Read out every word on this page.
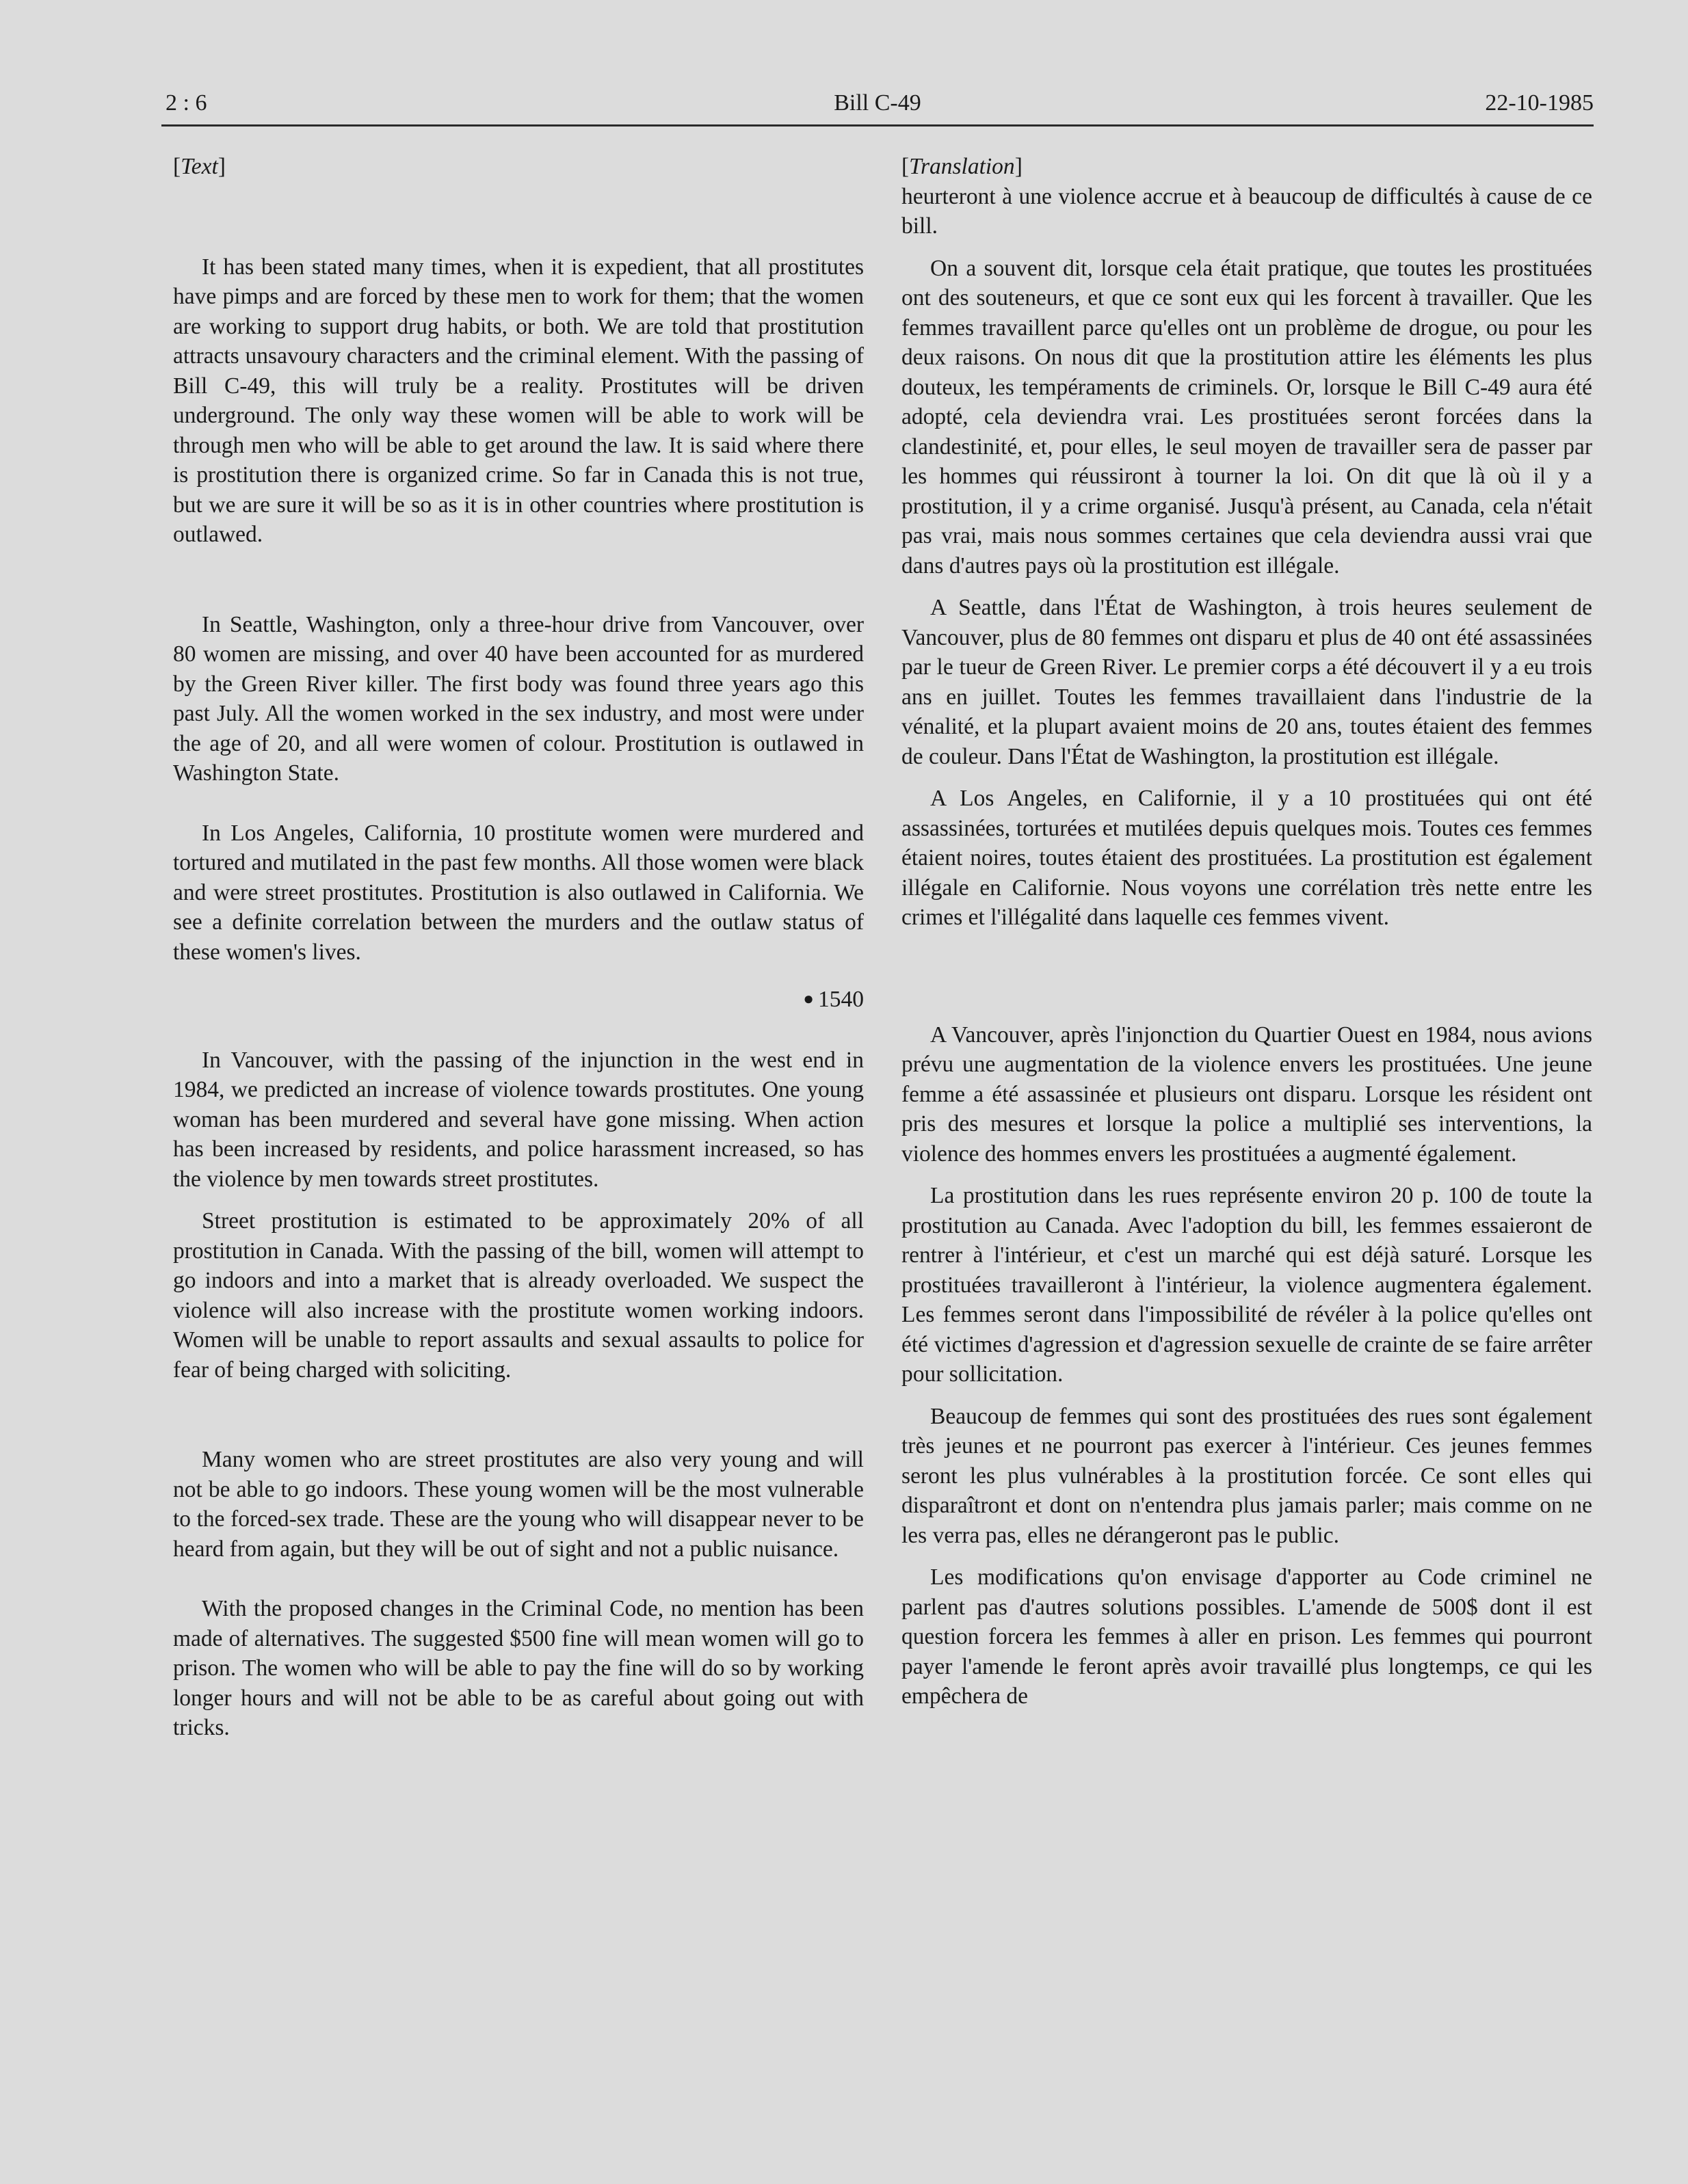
Bill C-49
2 : 6	22-10-1985

[Text]

It has been stated many times, when it is expedient, that all prostitutes have pimps and are forced by these men to work for them; that the women are working to support drug habits, or both. We are told that prostitution attracts unsavoury characters and the criminal element. With the passing of Bill C-49, this will truly be a reality. Prostitutes will be driven underground. The only way these women will be able to work will be through men who will be able to get around the law. It is said where there is prostitution there is organized crime. So far in Canada this is not true, but we are sure it will be so as it is in other countries where prostitution is outlawed.

In Seattle, Washington, only a three-hour drive from Vancouver, over 80 women are missing, and over 40 have been accounted for as murdered by the Green River killer. The first body was found three years ago this past July. All the women worked in the sex industry, and most were under the age of 20, and all were women of colour. Prostitution is outlawed in Washington State.

In Los Angeles, California, 10 prostitute women were murdered and tortured and mutilated in the past few months. All those women were black and were street prostitutes. Prostitution is also outlawed in California. We see a definite correlation between the murders and the outlaw status of these women's lives.

● 1540

In Vancouver, with the passing of the injunction in the west end in 1984, we predicted an increase of violence towards prostitutes. One young woman has been murdered and several have gone missing. When action has been increased by residents, and police harassment increased, so has the violence by men towards street prostitutes.

Street prostitution is estimated to be approximately 20% of all prostitution in Canada. With the passing of the bill, women will attempt to go indoors and into a market that is already overloaded. We suspect the violence will also increase with the prostitute women working indoors. Women will be unable to report assaults and sexual assaults to police for fear of being charged with soliciting.

Many women who are street prostitutes are also very young and will not be able to go indoors. These young women will be the most vulnerable to the forced-sex trade. These are the young who will disappear never to be heard from again, but they will be out of sight and not a public nuisance.

With the proposed changes in the Criminal Code, no mention has been made of alternatives. The suggested $500 fine will mean women will go to prison. The women who will be able to pay the fine will do so by working longer hours and will not be able to be as careful about going out with tricks.

[Translation]

heurteront à une violence accrue et à beaucoup de difficultés à cause de ce bill.

On a souvent dit, lorsque cela était pratique, que toutes les prostituées ont des souteneurs, et que ce sont eux qui les forcent à travailler. Que les femmes travaillent parce qu'elles ont un problème de drogue, ou pour les deux raisons. On nous dit que la prostitution attire les éléments les plus douteux, les tempéraments de criminels. Or, lorsque le Bill C-49 aura été adopté, cela deviendra vrai. Les prostituées seront forcées dans la clandestinité, et, pour elles, le seul moyen de travailler sera de passer par les hommes qui réussiront à tourner la loi. On dit que là où il y a prostitution, il y a crime organisé. Jusqu'à présent, au Canada, cela n'était pas vrai, mais nous sommes certaines que cela deviendra aussi vrai que dans d'autres pays où la prostitution est illégale.

A Seattle, dans l'État de Washington, à trois heures seulement de Vancouver, plus de 80 femmes ont disparu et plus de 40 ont été assassinées par le tueur de Green River. Le premier corps a été découvert il y a eu trois ans en juillet. Toutes les femmes travaillaient dans l'industrie de la vénalité, et la plupart avaient moins de 20 ans, toutes étaient des femmes de couleur. Dans l'État de Washington, la prostitution est illégale.

A Los Angeles, en Californie, il y a 10 prostituées qui ont été assassinées, torturées et mutilées depuis quelques mois. Toutes ces femmes étaient noires, toutes étaient des prostituées. La prostitution est également illégale en Californie. Nous voyons une corrélation très nette entre les crimes et l'illégalité dans laquelle ces femmes vivent.

A Vancouver, après l'injonction du Quartier Ouest en 1984, nous avions prévu une augmentation de la violence envers les prostituées. Une jeune femme a été assassinée et plusieurs ont disparu. Lorsque les résident ont pris des mesures et lorsque la police a multiplié ses interventions, la violence des hommes envers les prostituées a augmenté également.

La prostitution dans les rues représente environ 20 p. 100 de toute la prostitution au Canada. Avec l'adoption du bill, les femmes essaieront de rentrer à l'intérieur, et c'est un marché qui est déjà saturé. Lorsque les prostituées travailleront à l'intérieur, la violence augmentera également. Les femmes seront dans l'impossibilité de révéler à la police qu'elles ont été victimes d'agression et d'agression sexuelle de crainte de se faire arrêter pour sollicitation.

Beaucoup de femmes qui sont des prostituées des rues sont également très jeunes et ne pourront pas exercer à l'intérieur. Ces jeunes femmes seront les plus vulnérables à la prostitution forcée. Ce sont elles qui disparaîtront et dont on n'entendra plus jamais parler; mais comme on ne les verra pas, elles ne dérangeront pas le public.

Les modifications qu'on envisage d'apporter au Code criminel ne parlent pas d'autres solutions possibles. L'amende de 500$ dont il est question forcera les femmes à aller en prison. Les femmes qui pourront payer l'amende le feront après avoir travaillé plus longtemps, ce qui les empêchera de
